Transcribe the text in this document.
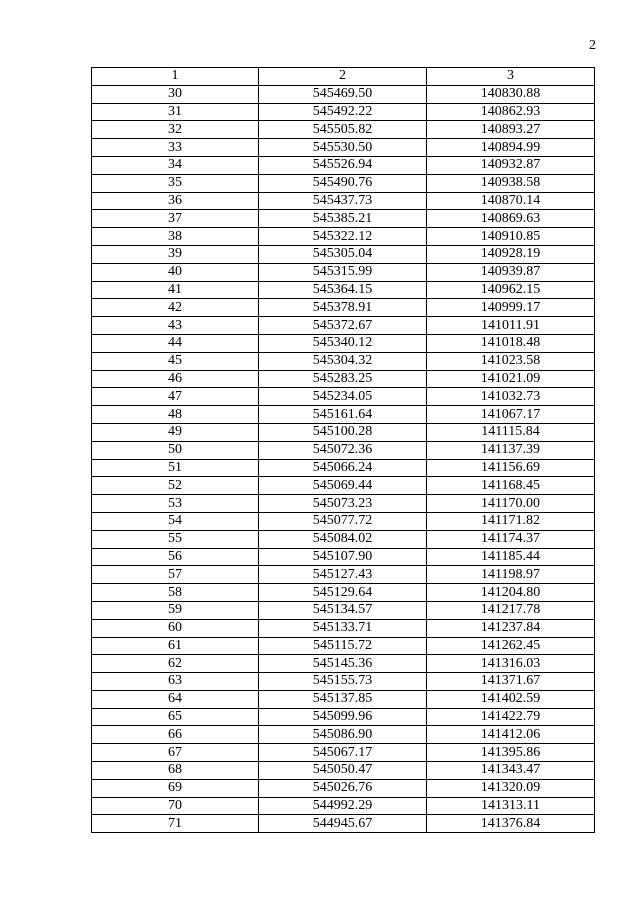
2
1	2	3
30	545469.50	140830.88
31	545492.22	140862.93
32	545505.82	140893.27
33	545530.50	140894.99
34	545526.94	140932.87
35	545490.76	140938.58
36	545437.73	140870.14
37	545385.21	140869.63
38	545322.12	140910.85
39	545305.04	140928.19
40	545315.99	140939.87
41	545364.15	140962.15
42	545378.91	140999.17
43	545372.67	141011.91
44	545340.12	141018.48
45	545304.32	141023.58
46	545283.25	141021.09
47	545234.05	141032.73
48	545161.64	141067.17
49	545100.28	141115.84
50	545072.36	141137.39
51	545066.24	141156.69
52	545069.44	141168.45
53	545073.23	141170.00
54	545077.72	141171.82
55	545084.02	141174.37
56	545107.90	141185.44
57	545127.43	141198.97
58	545129.64	141204.80
59	545134.57	141217.78
60	545133.71	141237.84
61	545115.72	141262.45
62	545145.36	141316.03
63	545155.73	141371.67
64	545137.85	141402.59
65	545099.96	141422.79
66	545086.90	141412.06
67	545067.17	141395.86
68	545050.47	141343.47
69	545026.76	141320.09
70	544992.29	141313.11
71	544945.67	141376.84
